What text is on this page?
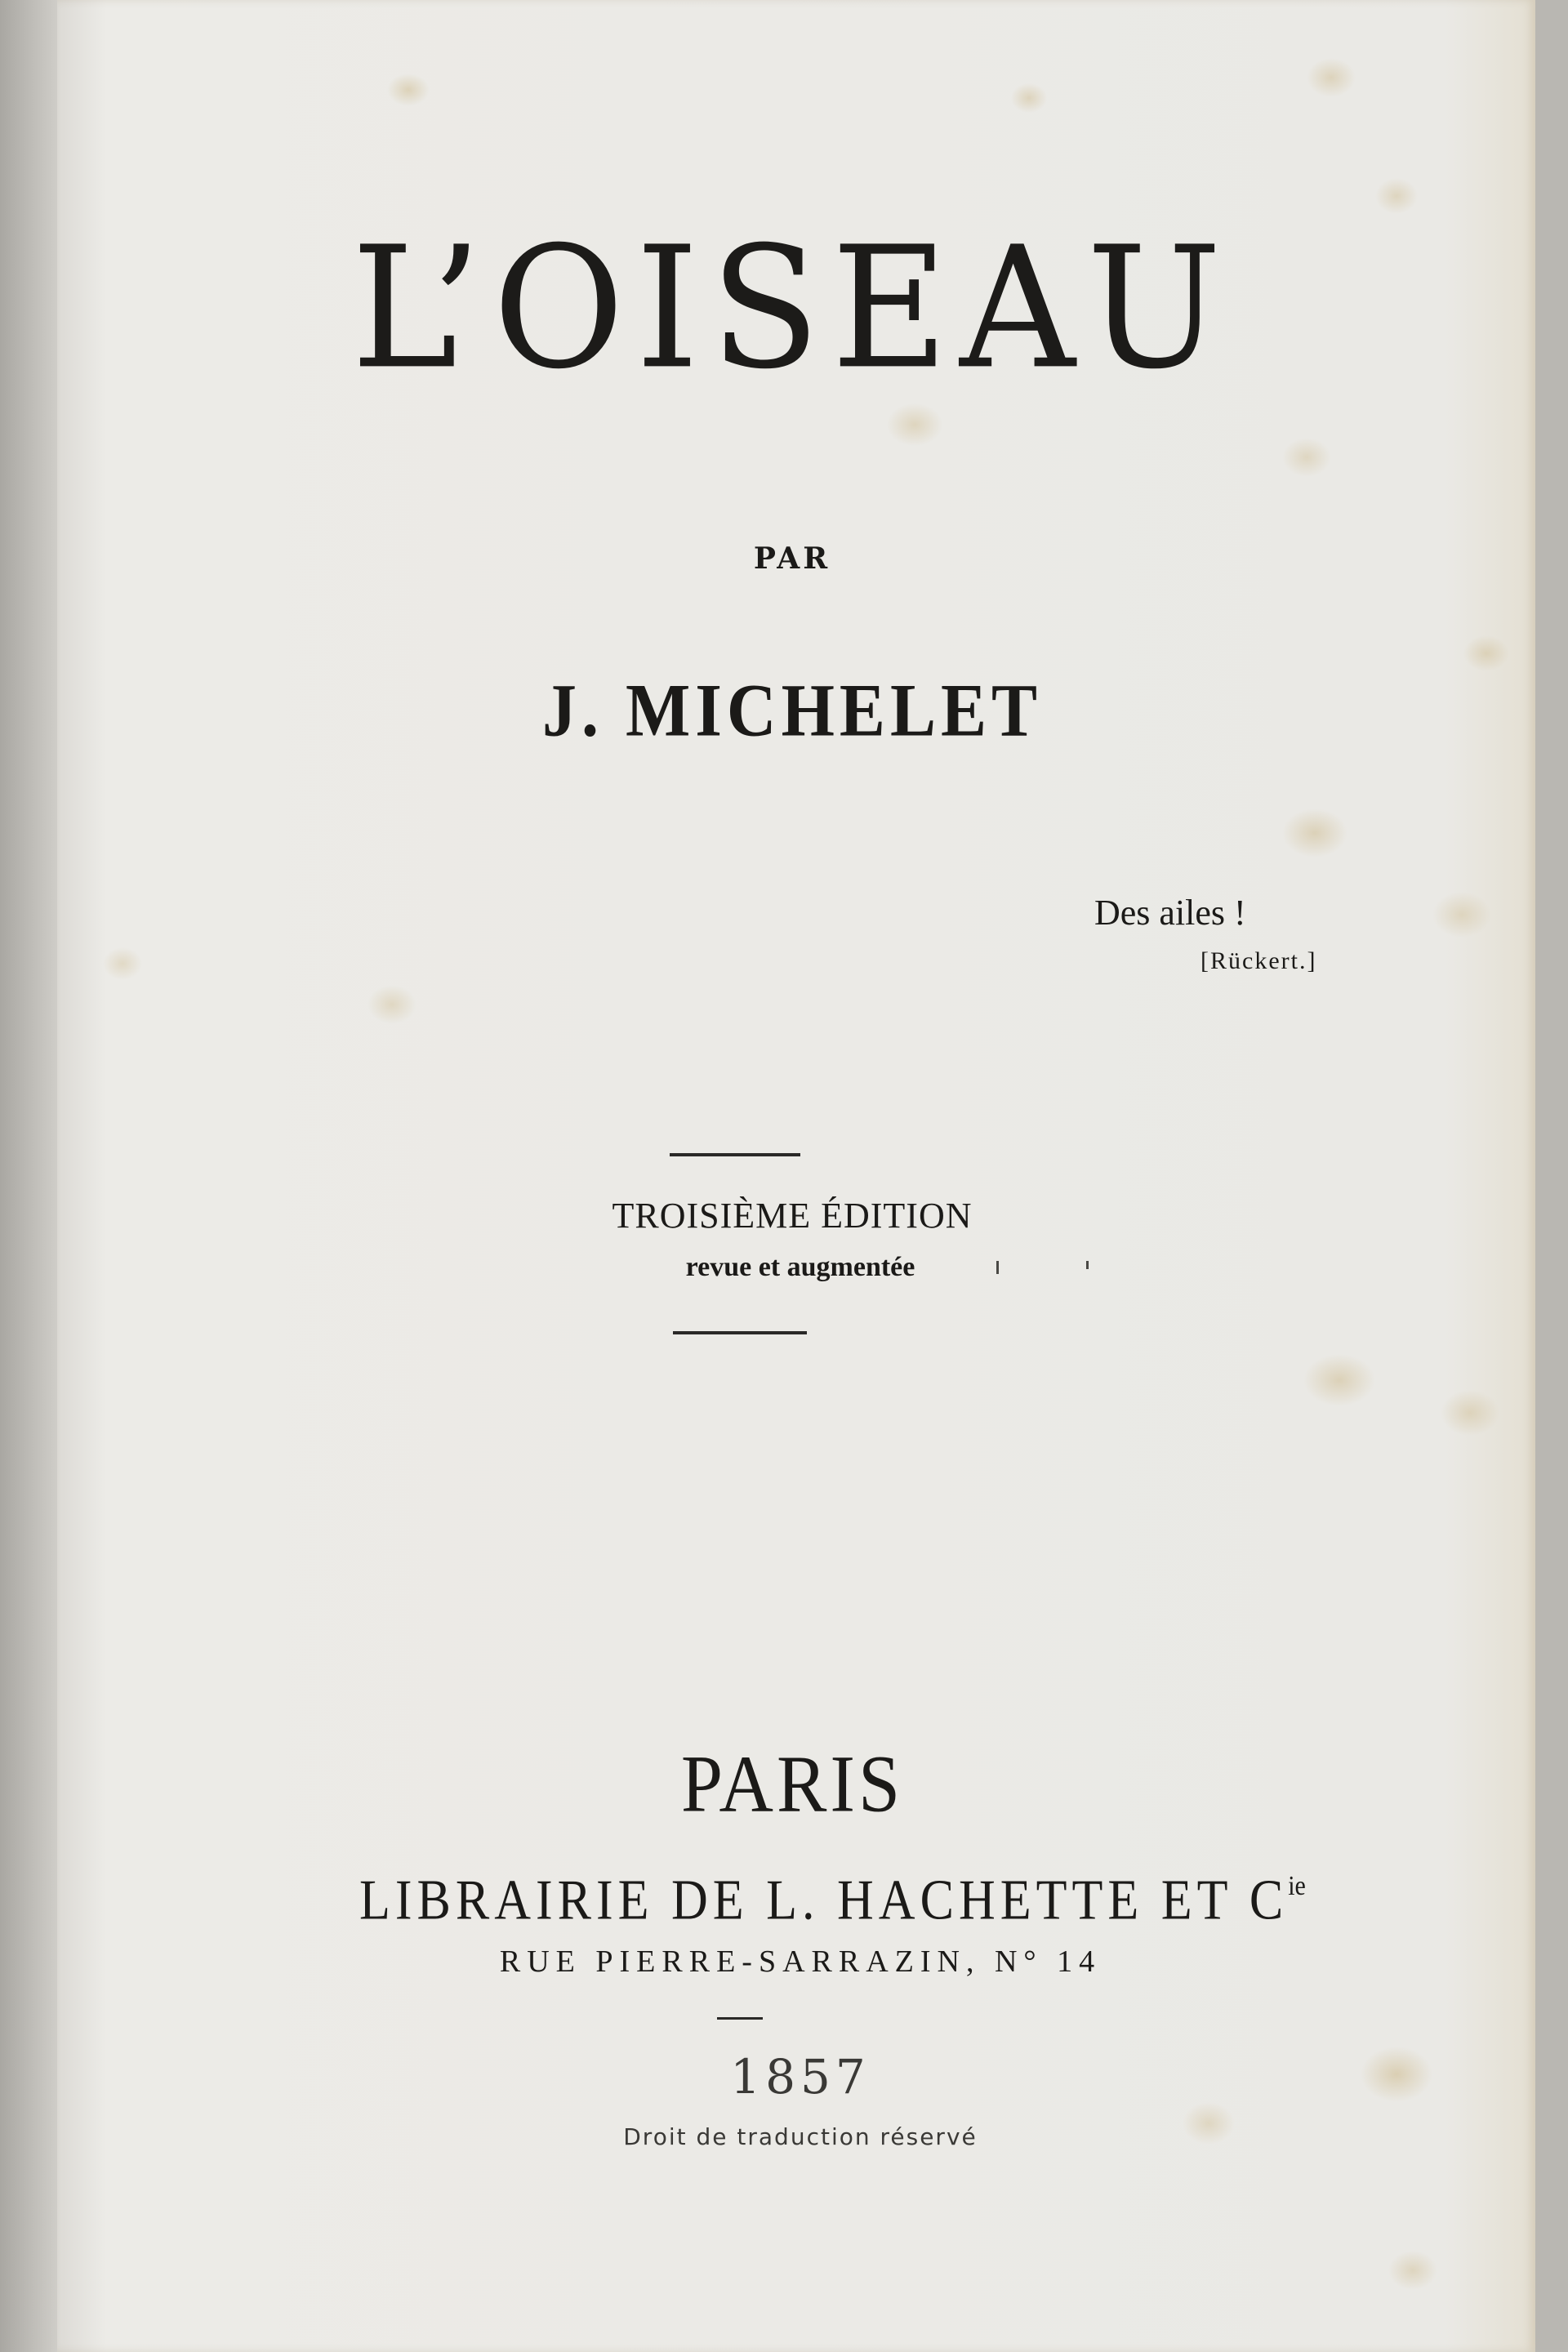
L’OISEAU
PAR
J. MICHELET
Des ailes !
[Rückert.]
TROISIÈME ÉDITION
revue et augmentée
PARIS
LIBRAIRIE DE L. HACHETTE ET $C^{ie}$
RUE PIERRE-SARRAZIN, N° 14
1857
Droit de traduction réservé
